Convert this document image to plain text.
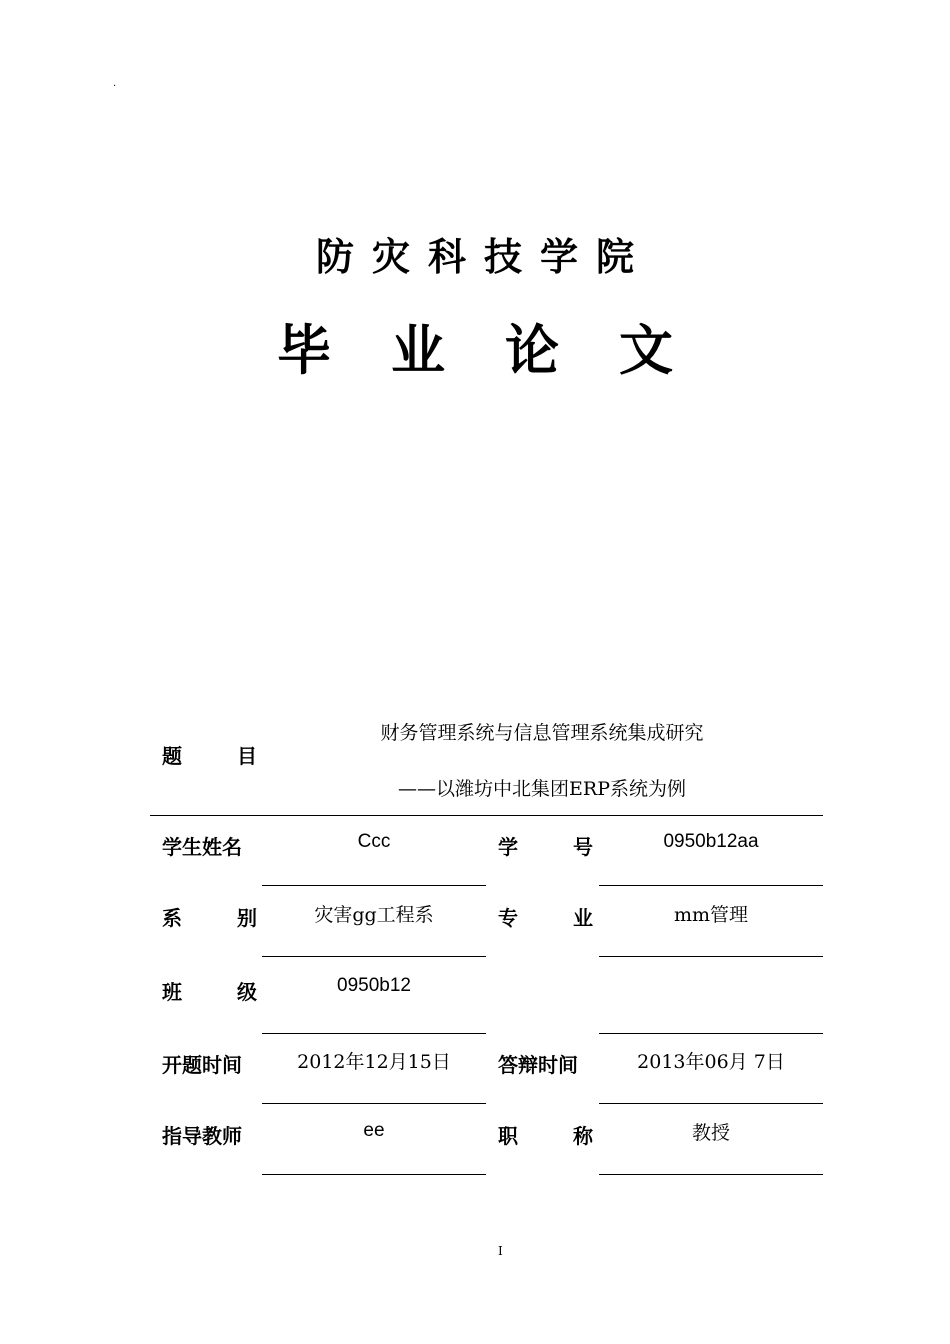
.
防灾科技学院
毕业论文
题 目
财务管理系统与信息管理系统集成研究
——以潍坊中北集团ERP系统为例
学生姓名	Ccc	学 号	0950b12aa
系 别	灾害gg工程系	专 业	mm管理
班 级	0950b12
开题时间	2012年12月15日	答辩时间	2013年06月 7日
指导教师	ee	职 称	教授
I
